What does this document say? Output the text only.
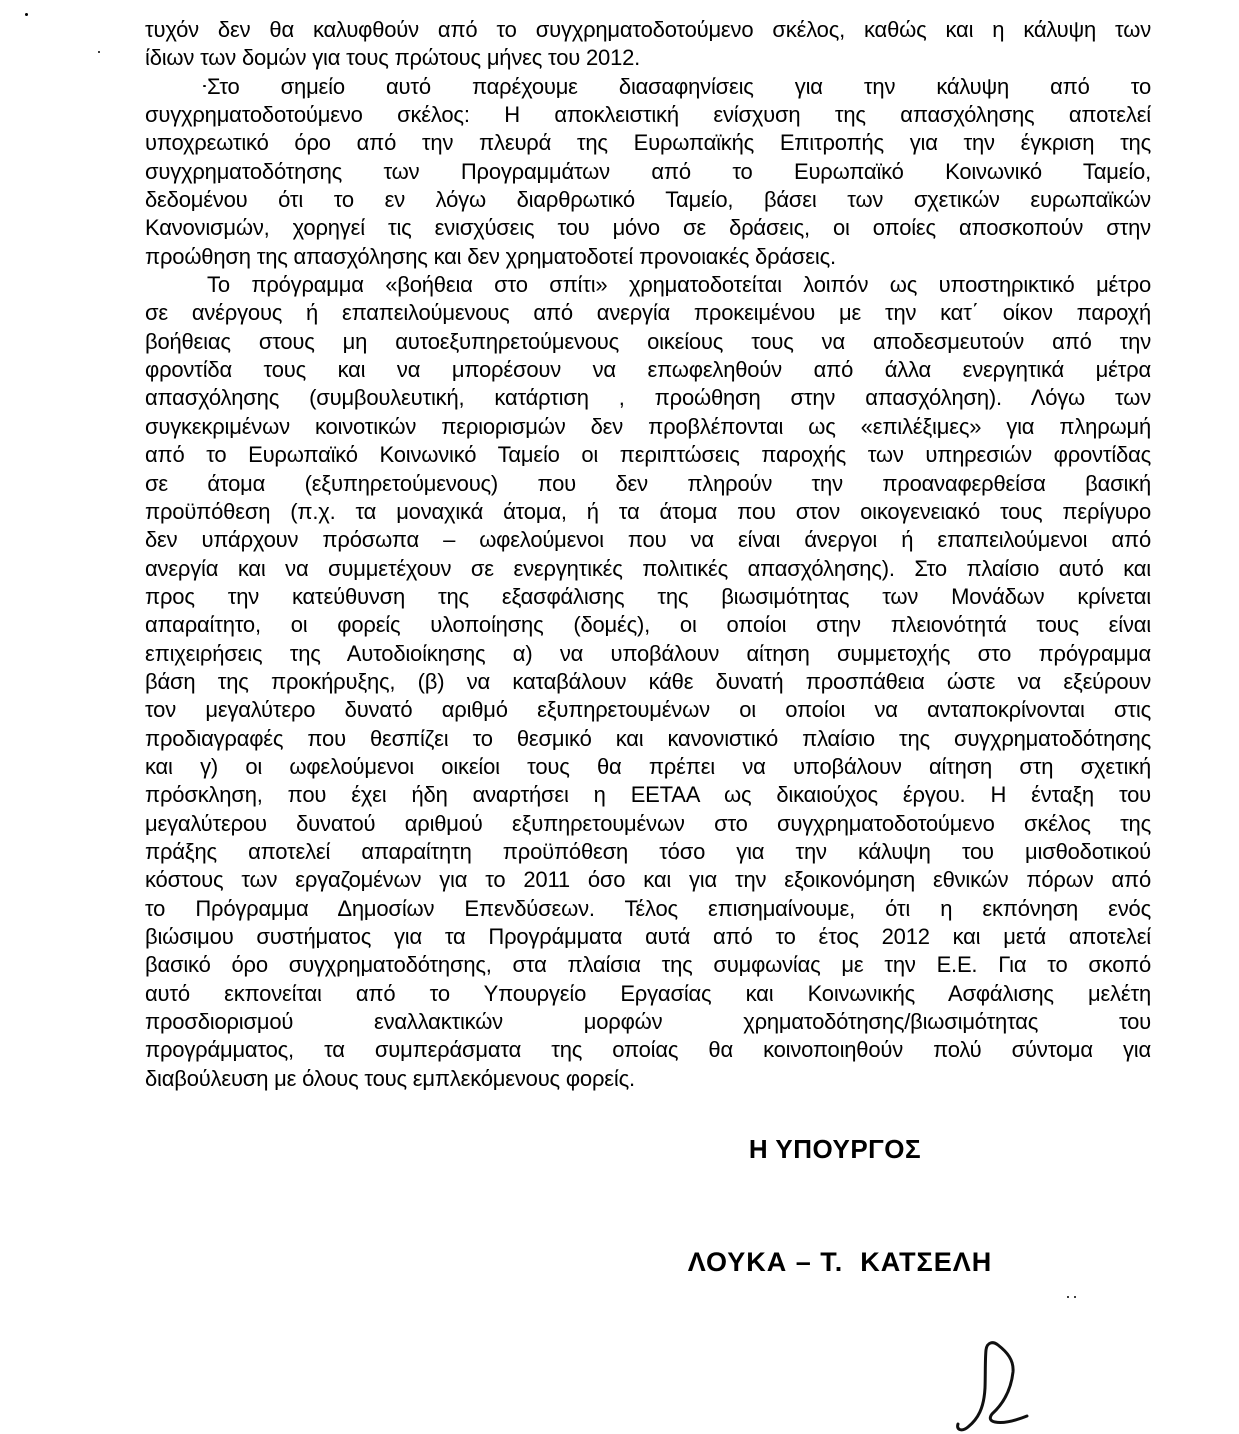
τυχόν δεν θα καλυφθούν από το συγχρηματοδοτούμενο σκέλος, καθώς και η κάλυψη των
ίδιων των δομών για τους πρώτους μήνες του 2012.
Στο σημείο αυτό παρέχουμε διασαφηνίσεις για την κάλυψη από το
συγχρηματοδοτούμενο σκέλος: Η αποκλειστική ενίσχυση της απασχόλησης αποτελεί
υποχρεωτικό όρο από την πλευρά της Ευρωπαϊκής Επιτροπής για την έγκριση της
συγχρηματοδότησης των Προγραμμάτων από το Ευρωπαϊκό Κοινωνικό Ταμείο,
δεδομένου ότι το εν λόγω διαρθρωτικό Ταμείο, βάσει των σχετικών ευρωπαϊκών
Κανονισμών, χορηγεί τις ενισχύσεις του μόνο σε δράσεις, οι οποίες αποσκοπούν στην
προώθηση της απασχόλησης και δεν χρηματοδοτεί προνοιακές δράσεις.
Το πρόγραμμα «βοήθεια στο σπίτι» χρηματοδοτείται λοιπόν ως υποστηρικτικό μέτρο
σε ανέργους ή επαπειλούμενους από ανεργία προκειμένου με την κατ΄ οίκον παροχή
βοήθειας στους μη αυτοεξυπηρετούμενους οικείους τους να αποδεσμευτούν από την
φροντίδα τους και να μπορέσουν να επωφεληθούν από άλλα ενεργητικά μέτρα
απασχόλησης (συμβουλευτική, κατάρτιση , προώθηση στην απασχόληση). Λόγω των
συγκεκριμένων κοινοτικών περιορισμών δεν προβλέπονται ως «επιλέξιμες» για πληρωμή
από το Ευρωπαϊκό Κοινωνικό Ταμείο οι περιπτώσεις παροχής των υπηρεσιών φροντίδας
σε άτομα (εξυπηρετούμενους) που δεν πληρούν την προαναφερθείσα βασική
προϋπόθεση (π.χ. τα μοναχικά άτομα, ή τα άτομα που στον οικογενειακό τους περίγυρο
δεν υπάρχουν πρόσωπα – ωφελούμενοι που να είναι άνεργοι ή επαπειλούμενοι από
ανεργία και να συμμετέχουν σε ενεργητικές πολιτικές απασχόλησης). Στο πλαίσιο αυτό και
προς την κατεύθυνση της εξασφάλισης της βιωσιμότητας των Μονάδων κρίνεται
απαραίτητο, οι φορείς υλοποίησης (δομές), οι οποίοι στην πλειονότητά τους είναι
επιχειρήσεις της Αυτοδιοίκησης α) να υποβάλουν αίτηση συμμετοχής στο πρόγραμμα
βάση της προκήρυξης, (β) να καταβάλουν κάθε δυνατή προσπάθεια ώστε να εξεύρουν
τον μεγαλύτερο δυνατό αριθμό εξυπηρετουμένων οι οποίοι να ανταποκρίνονται στις
προδιαγραφές που θεσπίζει το θεσμικό και κανονιστικό πλαίσιο της συγχρηματοδότησης
και γ) οι ωφελούμενοι οικείοι τους θα πρέπει να υποβάλουν αίτηση στη σχετική
πρόσκληση, που έχει ήδη αναρτήσει η ΕΕΤΑΑ ως δικαιούχος έργου. Η ένταξη του
μεγαλύτερου δυνατού αριθμού εξυπηρετουμένων στο συγχρηματοδοτούμενο σκέλος της
πράξης αποτελεί απαραίτητη προϋπόθεση τόσο για την κάλυψη του μισθοδοτικού
κόστους των εργαζομένων για το 2011 όσο και για την εξοικονόμηση εθνικών πόρων από
το Πρόγραμμα Δημοσίων Επενδύσεων. Τέλος επισημαίνουμε, ότι η εκπόνηση ενός
βιώσιμου συστήματος για τα Προγράμματα αυτά από το έτος 2012 και μετά αποτελεί
βασικό όρο συγχρηματοδότησης, στα πλαίσια της συμφωνίας με την Ε.Ε. Για το σκοπό
αυτό εκπονείται από το Υπουργείο Εργασίας και Κοινωνικής Ασφάλισης μελέτη
προσδιορισμού εναλλακτικών μορφών χρηματοδότησης/βιωσιμότητας του
προγράμματος, τα συμπεράσματα της οποίας θα κοινοποιηθούν πολύ σύντομα για
διαβούλευση με όλους τους εμπλεκόμενους φορείς.
Η ΥΠΟΥΡΓΟΣ
ΛΟΥΚΑ – Τ.  ΚΑΤΣΕΛΗ
